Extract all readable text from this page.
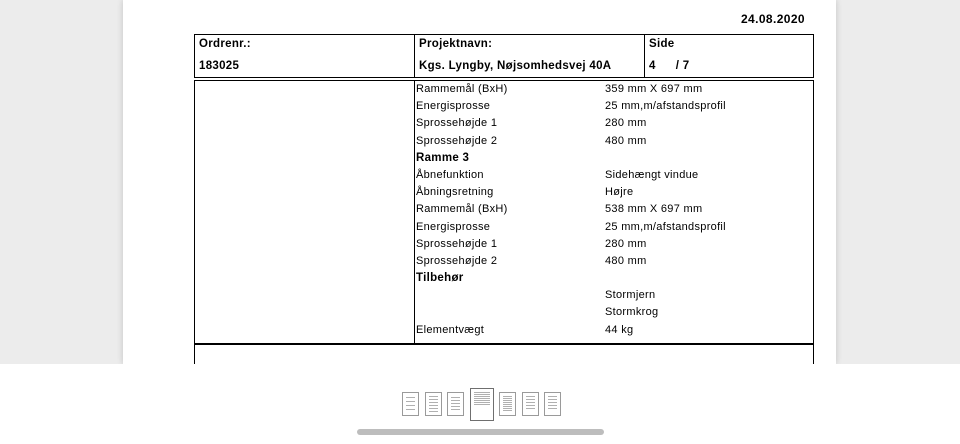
24.08.2020
Ordrenr.:
183025
Projektnavn:
Kgs. Lyngby, Nøjsomhedsvej 40A
Side
4 / 7
Rammemål (BxH)	359 mm X 697 mm
Energisprosse	25 mm,m/afstandsprofil
Sprossehøjde 1	280 mm
Sprossehøjde 2	480 mm
Ramme 3
Åbnefunktion	Sidehængt vindue
Åbningsretning	Højre
Rammemål (BxH)	538 mm X 697 mm
Energisprosse	25 mm,m/afstandsprofil
Sprossehøjde 1	280 mm
Sprossehøjde 2	480 mm
Tilbehør
Stormjern
Stormkrog
Elementvægt	44 kg
